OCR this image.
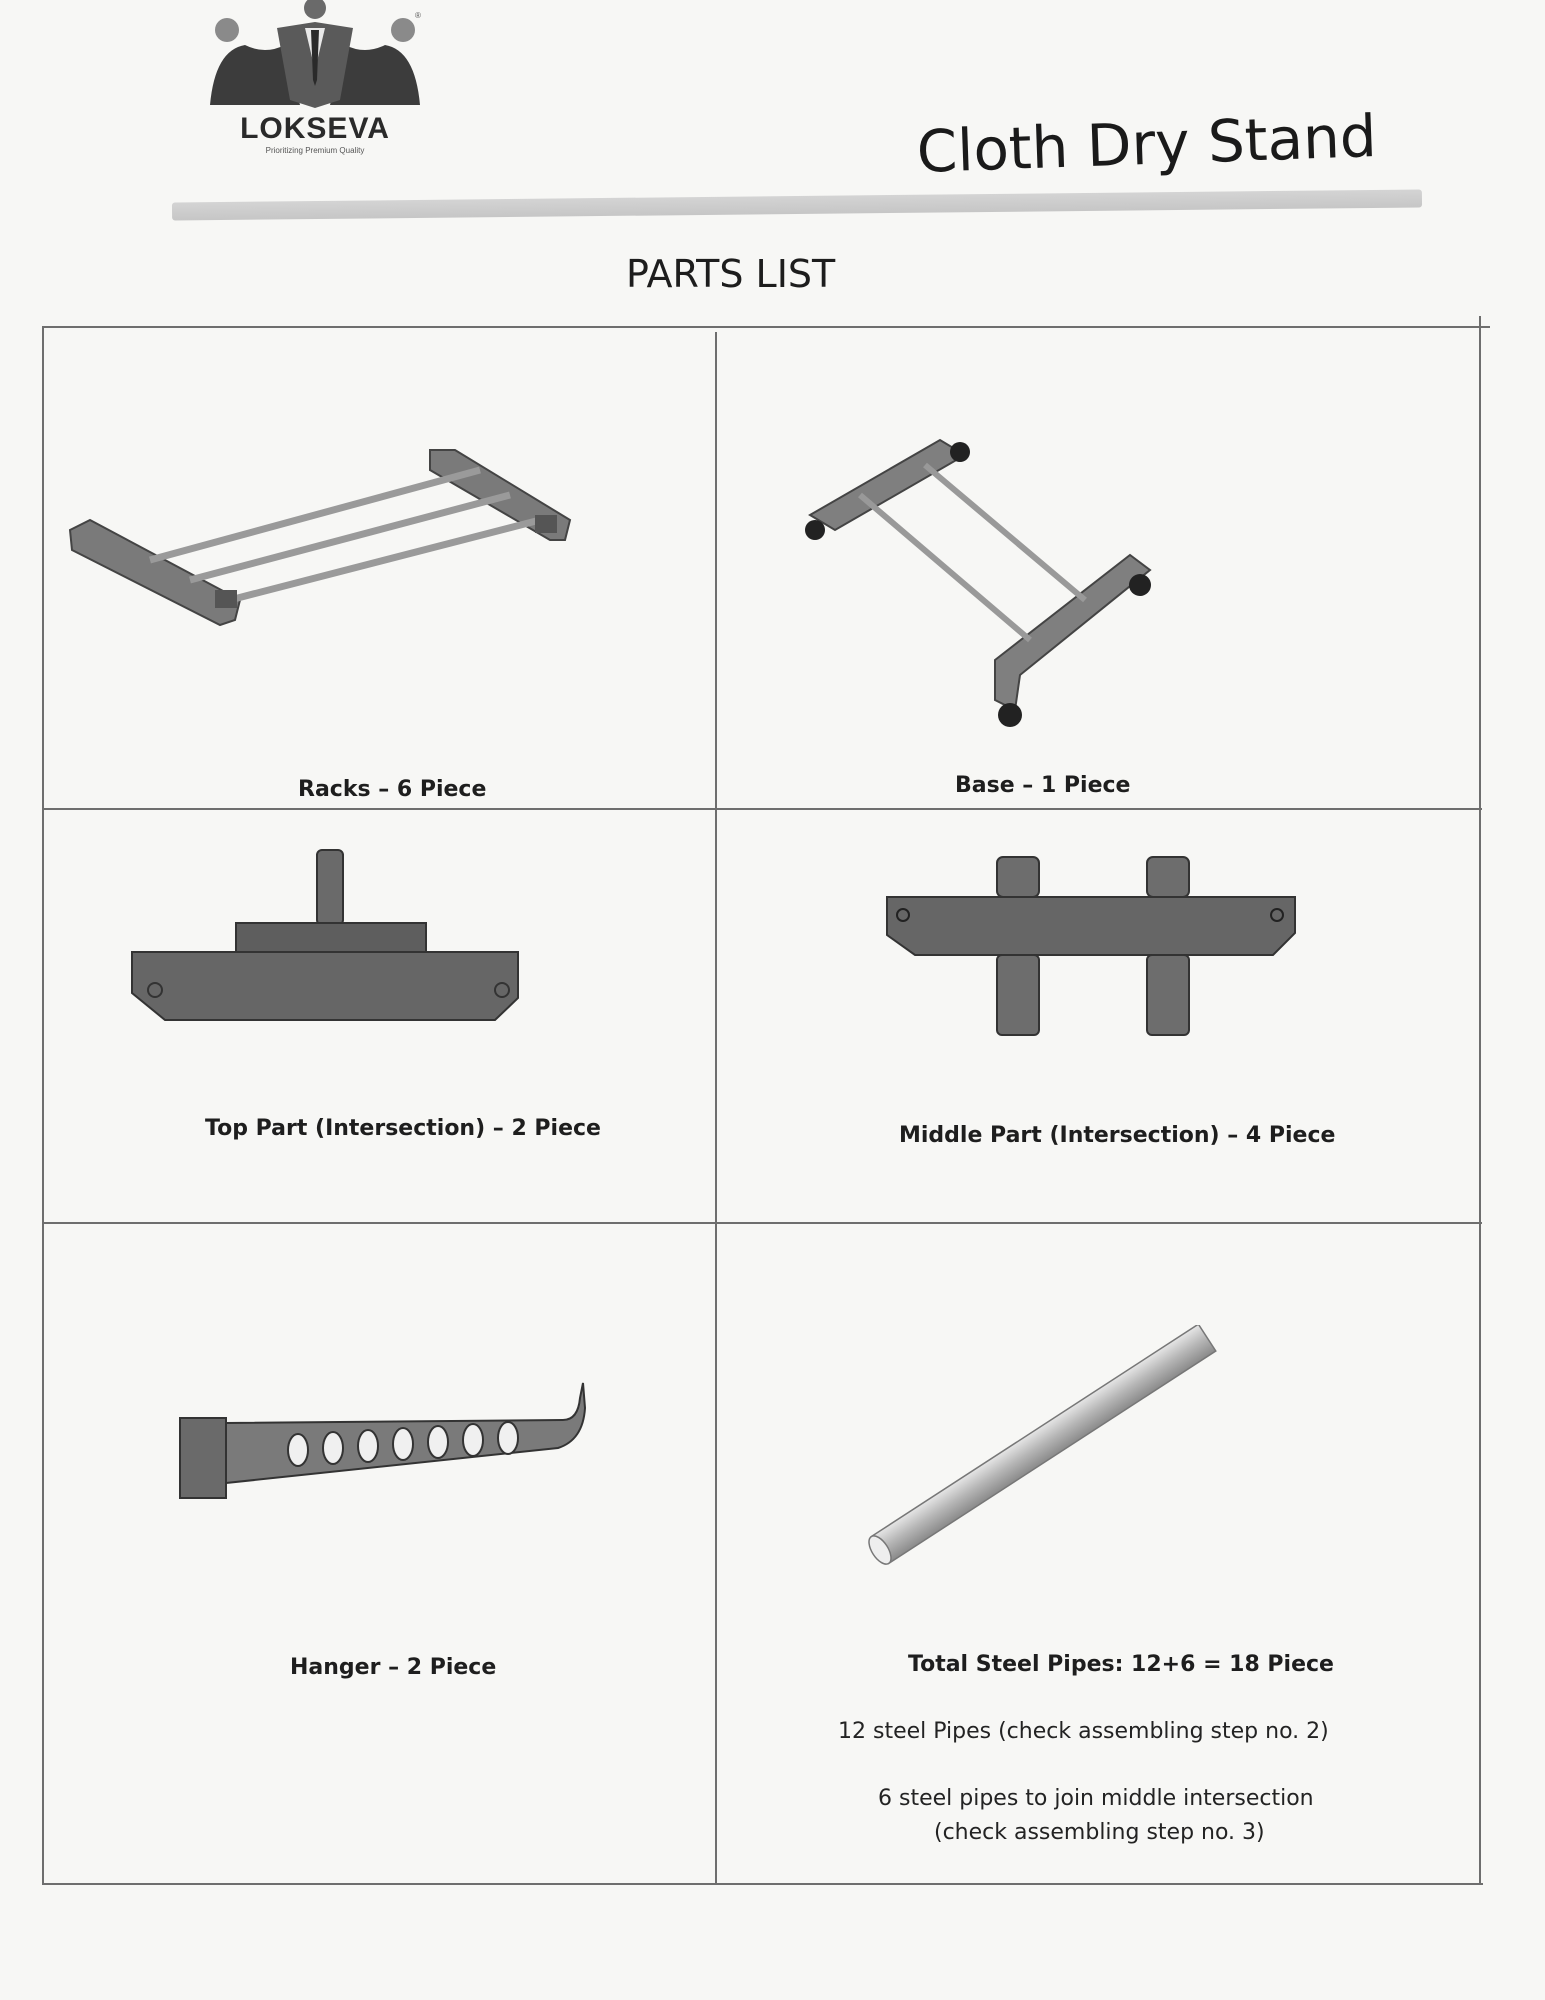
®
LOKSEVA
Prioritizing Premium Quality	Cloth Dry Stand
PARTS LIST
Racks – 6 Piece	Base – 1 Piece
Top Part (Intersection) – 2 Piece	Middle Part (Intersection) – 4 Piece
Hanger – 2 Piece	Total Steel Pipes: 12+6 = 18 Piece
12 steel Pipes (check assembling step no. 2)
6 steel pipes to join middle intersection
(check assembling step no. 3)
